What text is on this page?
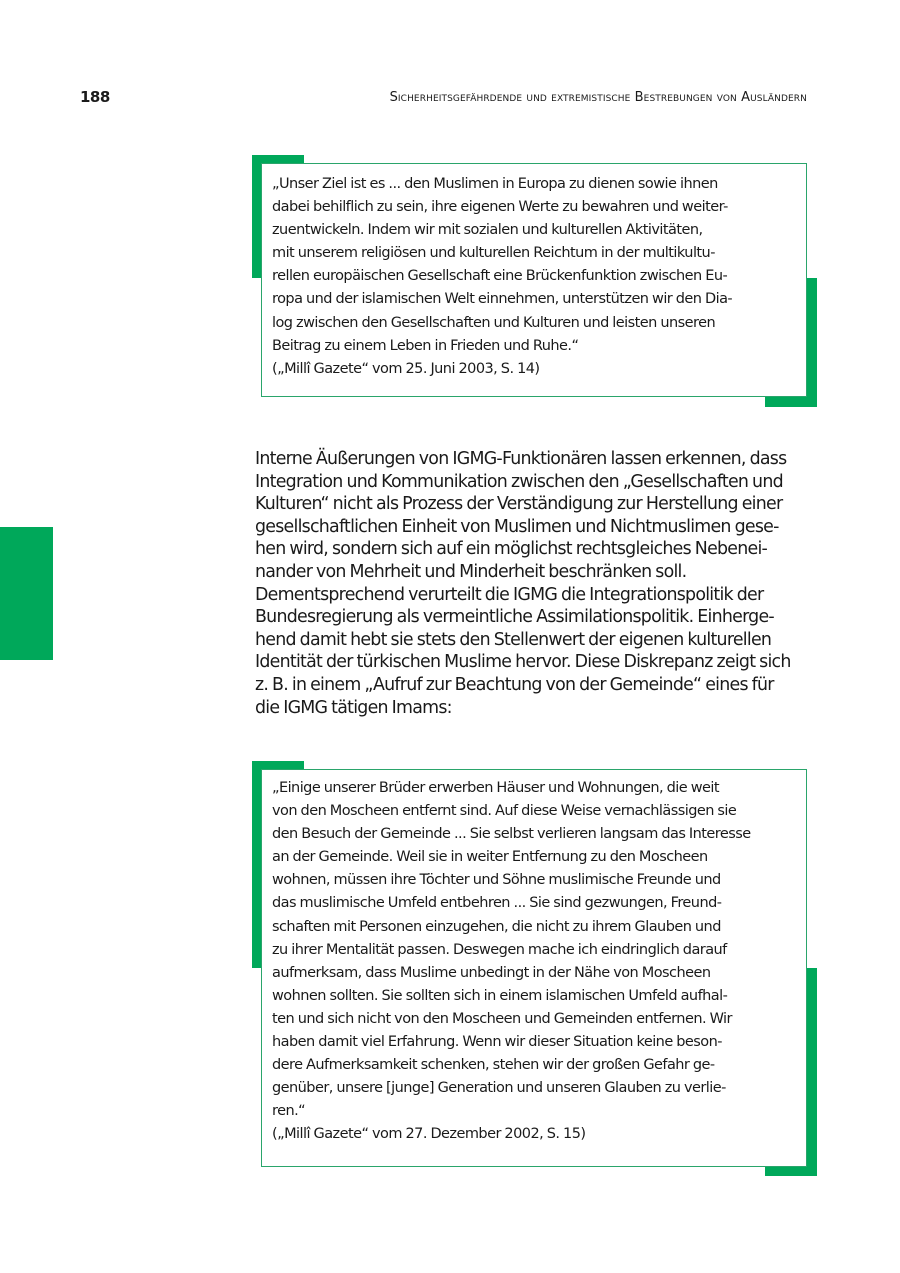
188	Sicherheitsgefährdende und extremistische Bestrebungen von Ausländern

„Unser Ziel ist es ... den Muslimen in Europa zu dienen sowie ihnen
dabei behilflich zu sein, ihre eigenen Werte zu bewahren und weiter-
zuentwickeln. Indem wir mit sozialen und kulturellen Aktivitäten,
mit unserem religiösen und kulturellen Reichtum in der multikultu-
rellen europäischen Gesellschaft eine Brückenfunktion zwischen Eu-
ropa und der islamischen Welt einnehmen, unterstützen wir den Dia-
log zwischen den Gesellschaften und Kulturen und leisten unseren
Beitrag zu einem Leben in Frieden und Ruhe.“

(„Millî Gazete“ vom 25. Juni 2003, S. 14)

Interne Äußerungen von IGMG-Funktionären lassen erkennen, dass
Integration und Kommunikation zwischen den „Gesellschaften und
Kulturen“ nicht als Prozess der Verständigung zur Herstellung einer
gesellschaftlichen Einheit von Muslimen und Nichtmuslimen gese-
hen wird, sondern sich auf ein möglichst rechtsgleiches Nebenei-
nander von Mehrheit und Minderheit beschränken soll.
Dementsprechend verurteilt die IGMG die Integrationspolitik der
Bundesregierung als vermeintliche Assimilationspolitik. Einherge-
hend damit hebt sie stets den Stellenwert der eigenen kulturellen
Identität der türkischen Muslime hervor. Diese Diskrepanz zeigt sich
z. B. in einem „Aufruf zur Beachtung von der Gemeinde“ eines für
die IGMG tätigen Imams:

„Einige unserer Brüder erwerben Häuser und Wohnungen, die weit
von den Moscheen entfernt sind. Auf diese Weise vernachlässigen sie
den Besuch der Gemeinde ... Sie selbst verlieren langsam das Interesse
an der Gemeinde. Weil sie in weiter Entfernung zu den Moscheen
wohnen, müssen ihre Töchter und Söhne muslimische Freunde und
das muslimische Umfeld entbehren ... Sie sind gezwungen, Freund-
schaften mit Personen einzugehen, die nicht zu ihrem Glauben und
zu ihrer Mentalität passen. Deswegen mache ich eindringlich darauf
aufmerksam, dass Muslime unbedingt in der Nähe von Moscheen
wohnen sollten. Sie sollten sich in einem islamischen Umfeld aufhal-
ten und sich nicht von den Moscheen und Gemeinden entfernen. Wir
haben damit viel Erfahrung. Wenn wir dieser Situation keine beson-
dere Aufmerksamkeit schenken, stehen wir der großen Gefahr ge-
genüber, unsere [junge] Generation und unseren Glauben zu verlie-
ren.“

(„Millî Gazete“ vom 27. Dezember 2002, S. 15)
